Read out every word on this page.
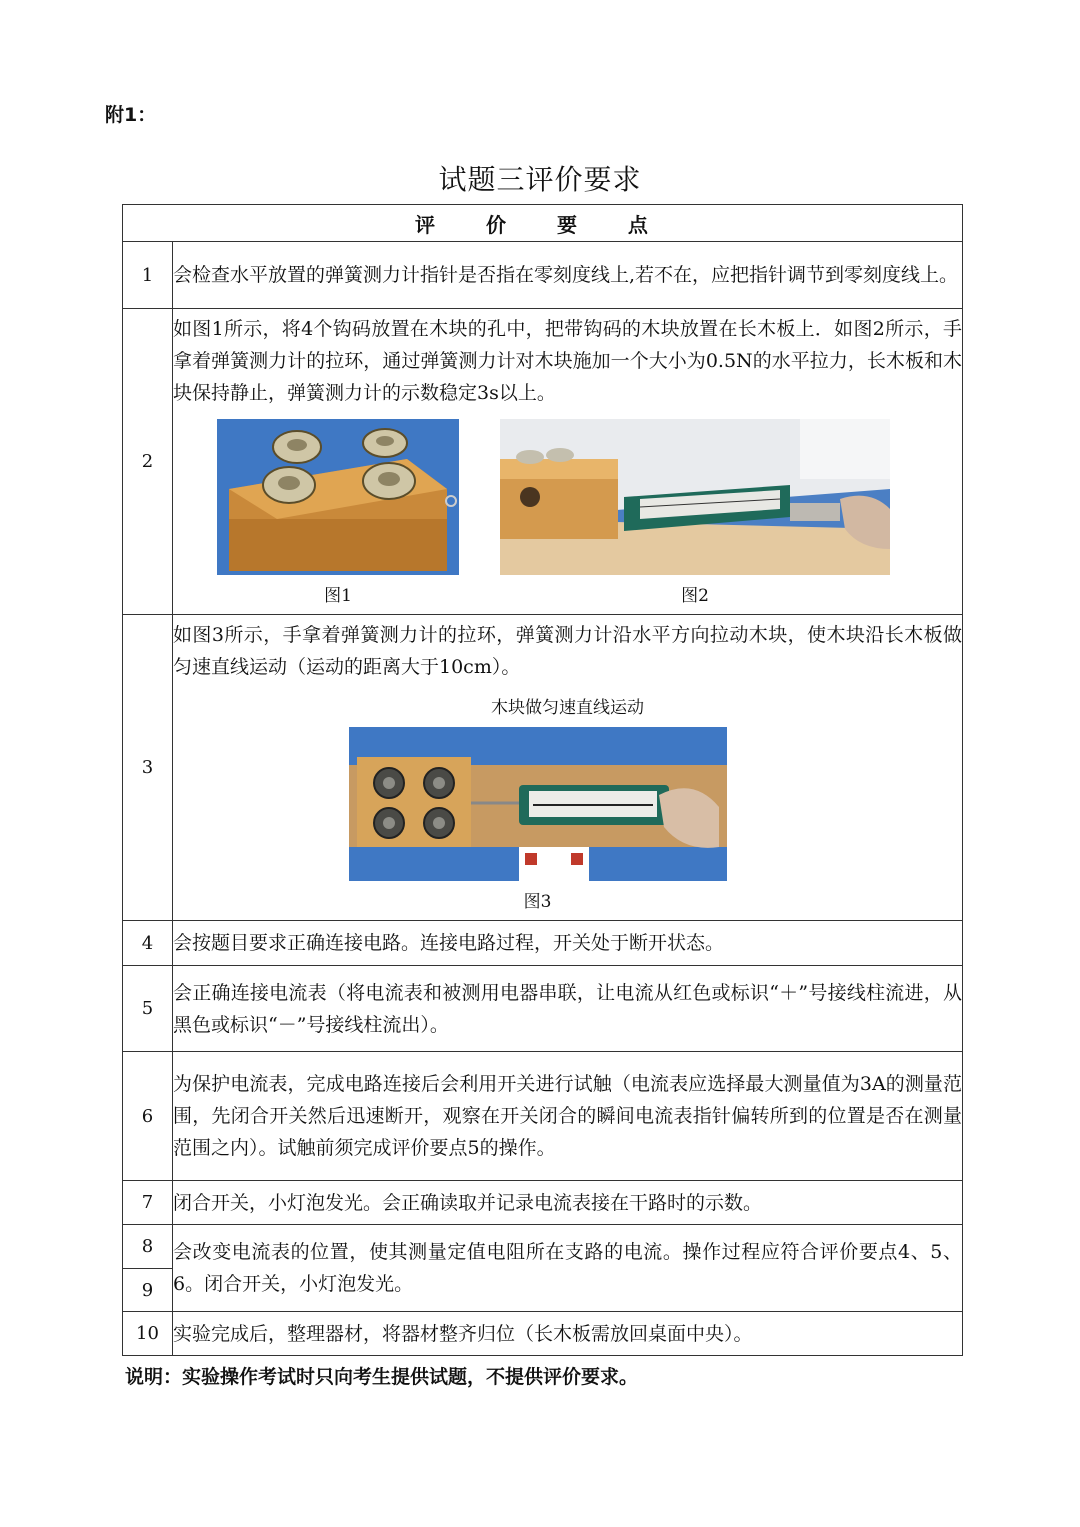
附1：
试题三评价要求
评 价 要 点	
1	会检查水平放置的弹簧测力计指针是否指在零刻度线上,若不在，应把指针调节到零刻度线上。
2	如图1所示，将4个钩码放置在木块的孔中，把带钩码的木块放置在长木板上．如图2所示，手拿着弹簧测力计的拉环，通过弹簧测力计对木块施加一个大小为0.5N的水平拉力，长木板和木块保持静止，弹簧测力计的示数稳定3s以上。
图1 图2

3	如图3所示，手拿着弹簧测力计的拉环，弹簧测力计沿水平方向拉动木块，使木块沿长木板做匀速直线运动（运动的距离大于10cm）。
木块做匀速直线运动
图3

4	会按题目要求正确连接电路。连接电路过程，开关处于断开状态。
5	会正确连接电流表（将电流表和被测用电器串联，让电流从红色或标识“＋”号接线柱流进，从黑色或标识“－”号接线柱流出）。
6	为保护电流表，完成电路连接后会利用开关进行试触（电流表应选择最大测量值为3A的测量范围，先闭合开关然后迅速断开，观察在开关闭合的瞬间电流表指针偏转所到的位置是否在测量范围之内）。试触前须完成评价要点5的操作。
7	闭合开关，小灯泡发光。会正确读取并记录电流表接在干路时的示数。
8	会改变电流表的位置，使其测量定值电阻所在支路的电流。操作过程应符合评价要点4、5、6。闭合开关，小灯泡发光。
9	
10	实验完成后，整理器材，将器材整齐归位（长木板需放回桌面中央）。
说明：实验操作考试时只向考生提供试题，不提供评价要求。
